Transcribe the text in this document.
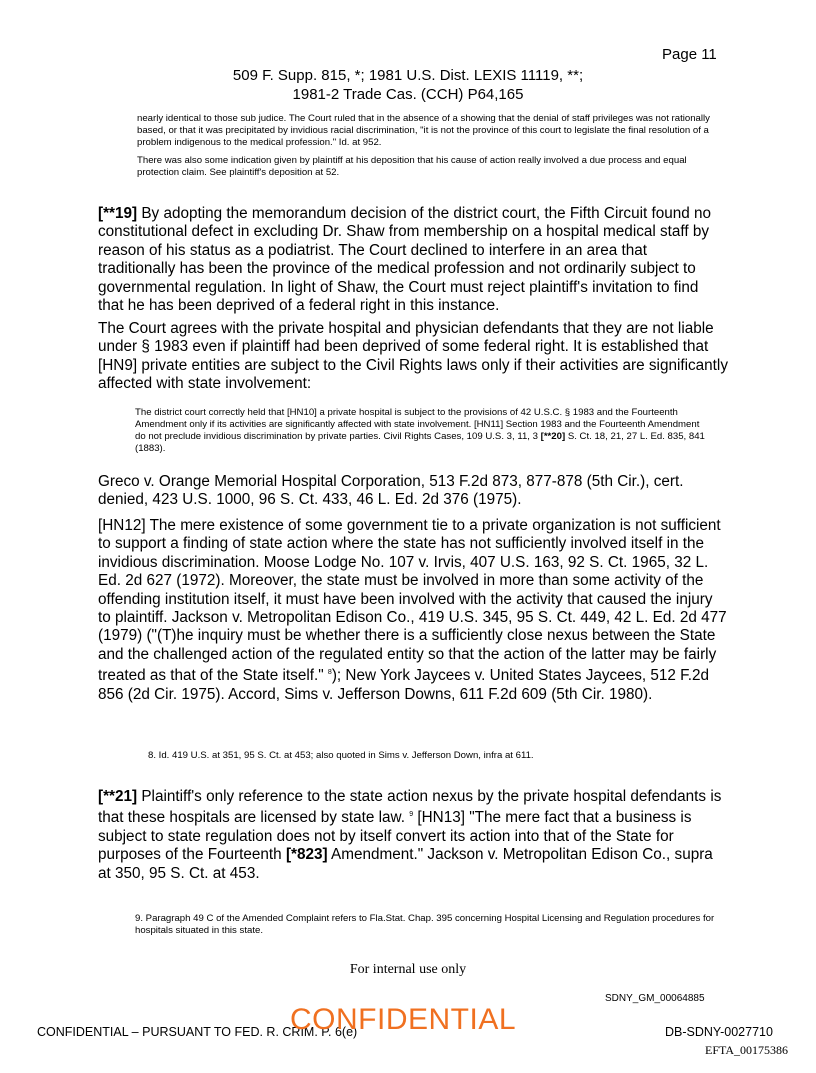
Page 11
509 F. Supp. 815, *; 1981 U.S. Dist. LEXIS 11119, **;
1981-2 Trade Cas. (CCH) P64,165
nearly identical to those sub judice. The Court ruled that in the absence of a showing that the denial of staff privileges was not rationally based, or that it was precipitated by invidious racial discrimination, "it is not the province of this court to legislate the final resolution of a problem indigenous to the medical profession." Id. at 952.
There was also some indication given by plaintiff at his deposition that his cause of action really involved a due process and equal protection claim. See plaintiff's deposition at 52.
[**19] By adopting the memorandum decision of the district court, the Fifth Circuit found no constitutional defect in excluding Dr. Shaw from membership on a hospital medical staff by reason of his status as a podiatrist. The Court declined to interfere in an area that traditionally has been the province of the medical profession and not ordinarily subject to governmental regulation. In light of Shaw, the Court must reject plaintiff's invitation to find that he has been deprived of a federal right in this instance.
The Court agrees with the private hospital and physician defendants that they are not liable under § 1983 even if plaintiff had been deprived of some federal right. It is established that [HN9] private entities are subject to the Civil Rights laws only if their activities are significantly affected with state involvement:
The district court correctly held that [HN10] a private hospital is subject to the provisions of 42 U.S.C. § 1983 and the Fourteenth Amendment only if its activities are significantly affected with state involvement. [HN11] Section 1983 and the Fourteenth Amendment do not preclude invidious discrimination by private parties. Civil Rights Cases, 109 U.S. 3, 11, 3 [**20] S. Ct. 18, 21, 27 L. Ed. 835, 841 (1883).
Greco v. Orange Memorial Hospital Corporation, 513 F.2d 873, 877-878 (5th Cir.), cert. denied, 423 U.S. 1000, 96 S. Ct. 433, 46 L. Ed. 2d 376 (1975).
[HN12] The mere existence of some government tie to a private organization is not sufficient to support a finding of state action where the state has not sufficiently involved itself in the invidious discrimination. Moose Lodge No. 107 v. Irvis, 407 U.S. 163, 92 S. Ct. 1965, 32 L. Ed. 2d 627 (1972). Moreover, the state must be involved in more than some activity of the offending institution itself, it must have been involved with the activity that caused the injury to plaintiff. Jackson v. Metropolitan Edison Co., 419 U.S. 345, 95 S. Ct. 449, 42 L. Ed. 2d 477 (1979) ("(T)he inquiry must be whether there is a sufficiently close nexus between the State and the challenged action of the regulated entity so that the action of the latter may be fairly treated as that of the State itself." $^8$); New York Jaycees v. United States Jaycees, 512 F.2d 856 (2d Cir. 1975). Accord, Sims v. Jefferson Downs, 611 F.2d 609 (5th Cir. 1980).
8. Id. 419 U.S. at 351, 95 S. Ct. at 453; also quoted in Sims v. Jefferson Down, infra at 611.
[**21] Plaintiff's only reference to the state action nexus by the private hospital defendants is that these hospitals are licensed by state law. $^9$ [HN13] "The mere fact that a business is subject to state regulation does not by itself convert its action into that of the State for purposes of the Fourteenth [*823] Amendment." Jackson v. Metropolitan Edison Co., supra at 350, 95 S. Ct. at 453.
9. Paragraph 49 C of the Amended Complaint refers to Fla.Stat. Chap. 395 concerning Hospital Licensing and Regulation procedures for hospitals situated in this state.
For internal use only
SDNY_GM_00064885
CONFIDENTIAL – PURSUANT TO FED. R. CRIM. P. 6(e)
CONFIDENTIAL	DB-SDNY-0027710
EFTA_00175386
